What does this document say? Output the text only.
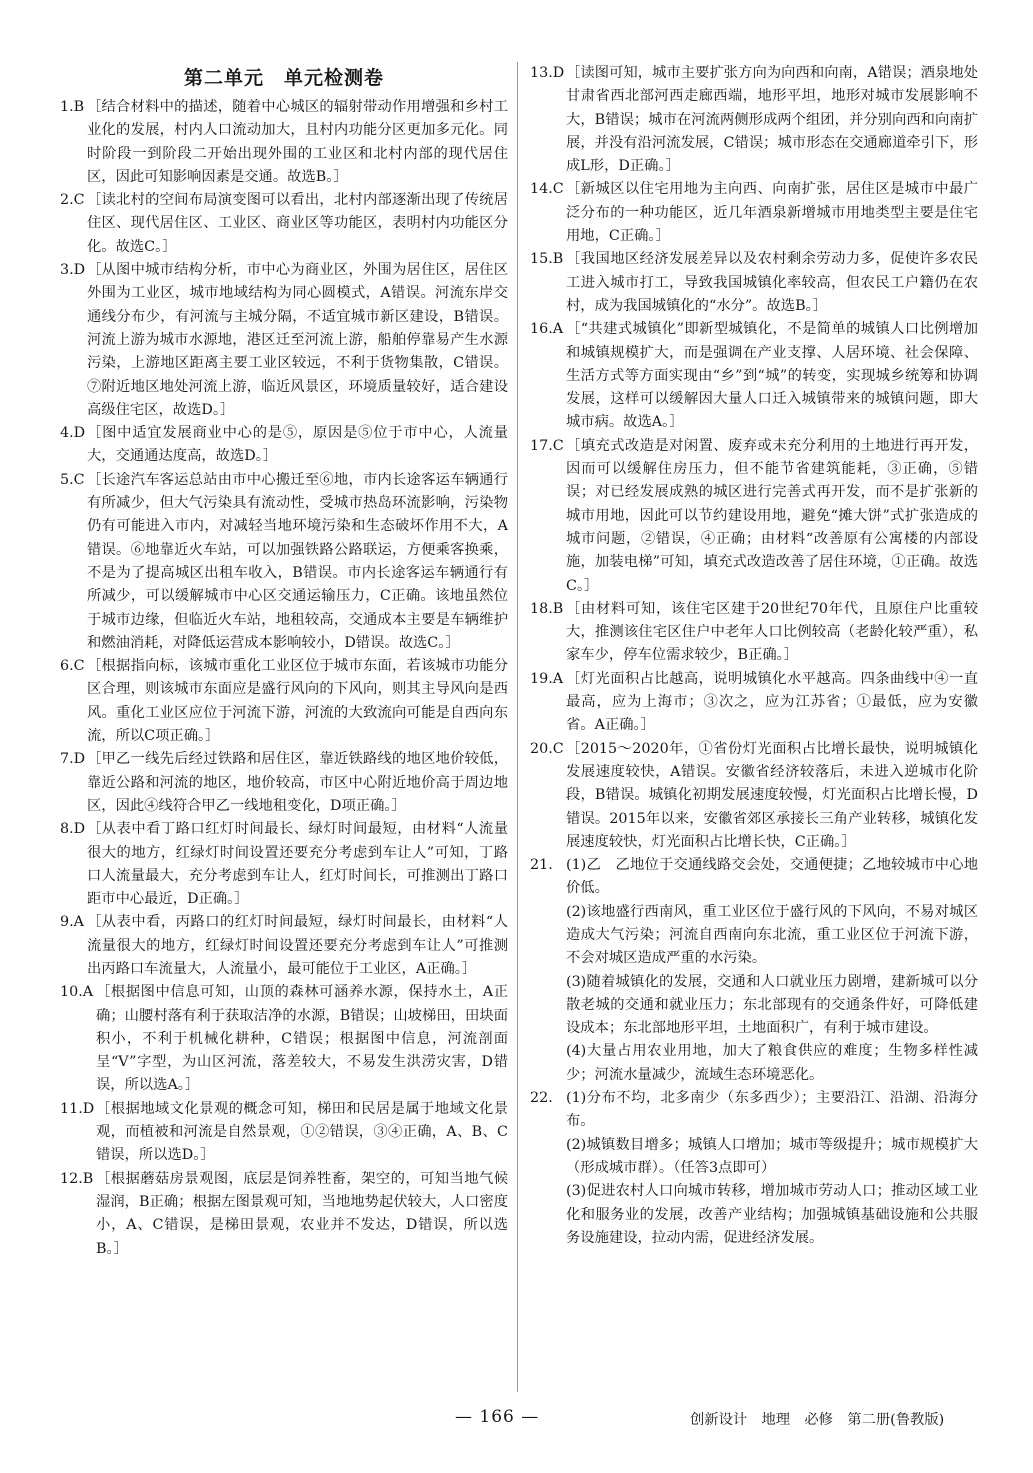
第二单元　单元检测卷
1.B ［结合材料中的描述，随着中心城区的辐射带动作用增强和乡村工业化的发展，村内人口流动加大，且村内功能分区更加多元化。同时阶段一到阶段二开始出现外围的工业区和北村内部的现代居住区，因此可知影响因素是交通。故选B。］
2.C ［读北村的空间布局演变图可以看出，北村内部逐渐出现了传统居住区、现代居住区、工业区、商业区等功能区，表明村内功能区分化。故选C。］
3.D ［从图中城市结构分析，市中心为商业区，外围为居住区，居住区外围为工业区，城市地域结构为同心圆模式，A错误。河流东岸交通线分布少，有河流与主城分隔，不适宜城市新区建设，B错误。河流上游为城市水源地，港区迁至河流上游，船舶停靠易产生水源污染，上游地区距离主要工业区较远，不利于货物集散，C错误。⑦附近地区地处河流上游，临近风景区，环境质量较好，适合建设高级住宅区，故选D。］
4.D ［图中适宜发展商业中心的是⑤，原因是⑤位于市中心，人流量大，交通通达度高，故选D。］
5.C ［长途汽车客运总站由市中心搬迁至⑥地，市内长途客运车辆通行有所减少，但大气污染具有流动性，受城市热岛环流影响，污染物仍有可能进入市内，对减轻当地环境污染和生态破坏作用不大，A错误。⑥地靠近火车站，可以加强铁路公路联运，方便乘客换乘，不是为了提高城区出租车收入，B错误。市内长途客运车辆通行有所减少，可以缓解城市中心区交通运输压力，C正确。该地虽然位于城市边缘，但临近火车站，地租较高，交通成本主要是车辆维护和燃油消耗，对降低运营成本影响较小，D错误。故选C。］
6.C ［根据指向标，该城市重化工业区位于城市东面，若该城市功能分区合理，则该城市东面应是盛行风向的下风向，则其主导风向是西风。重化工业区应位于河流下游，河流的大致流向可能是自西向东流，所以C项正确。］
7.D ［甲乙一线先后经过铁路和居住区，靠近铁路线的地区地价较低，靠近公路和河流的地区，地价较高，市区中心附近地价高于周边地区，因此④线符合甲乙一线地租变化，D项正确。］
8.D ［从表中看丁路口红灯时间最长、绿灯时间最短，由材料“人流量很大的地方，红绿灯时间设置还要充分考虑到车让人”可知，丁路口人流量最大，充分考虑到车让人，红灯时间长，可推测出丁路口距市中心最近，D正确。］
9.A ［从表中看，丙路口的红灯时间最短，绿灯时间最长，由材料“人流量很大的地方，红绿灯时间设置还要充分考虑到车让人”可推测出丙路口车流量大，人流量小，最可能位于工业区，A正确。］
10.A ［根据图中信息可知，山顶的森林可涵养水源，保持水土，A正确；山腰村落有利于获取洁净的水源，B错误；山坡梯田，田块面积小，不利于机械化耕种，C错误；根据图中信息，河流剖面呈“V”字型，为山区河流，落差较大，不易发生洪涝灾害，D错误，所以选A。］
11.D ［根据地域文化景观的概念可知，梯田和民居是属于地域文化景观，而植被和河流是自然景观，①②错误，③④正确，A、B、C错误，所以选D。］
12.B ［根据蘑菇房景观图，底层是饲养牲畜，架空的，可知当地气候湿润，B正确；根据左图景观可知，当地地势起伏较大，人口密度小，A、C错误，是梯田景观，农业并不发达，D错误，所以选B。］
13.D ［读图可知，城市主要扩张方向为向西和向南，A错误；酒泉地处甘肃省西北部河西走廊西端，地形平坦，地形对城市发展影响不大，B错误；城市在河流两侧形成两个组团，并分别向西和向南扩展，并没有沿河流发展，C错误；城市形态在交通廊道牵引下，形成L形，D正确。］
14.C ［新城区以住宅用地为主向西、向南扩张，居住区是城市中最广泛分布的一种功能区，近几年酒泉新增城市用地类型主要是住宅用地，C正确。］
15.B ［我国地区经济发展差异以及农村剩余劳动力多，促使许多农民工进入城市打工，导致我国城镇化率较高，但农民工户籍仍在农村，成为我国城镇化的“水分”。故选B。］
16.A ［“共建式城镇化”即新型城镇化，不是简单的城镇人口比例增加和城镇规模扩大，而是强调在产业支撑、人居环境、社会保障、生活方式等方面实现由“乡”到“城”的转变，实现城乡统筹和协调发展，这样可以缓解因大量人口迁入城镇带来的城镇问题，即大城市病。故选A。］
17.C ［填充式改造是对闲置、废弃或未充分利用的土地进行再开发，因而可以缓解住房压力，但不能节省建筑能耗，③正确，⑤错误；对已经发展成熟的城区进行完善式再开发，而不是扩张新的城市用地，因此可以节约建设用地，避免“摊大饼”式扩张造成的城市问题，②错误，④正确；由材料“改善原有公寓楼的内部设施，加装电梯”可知，填充式改造改善了居住环境，①正确。故选C。］
18.B ［由材料可知，该住宅区建于20世纪70年代，且原住户比重较大，推测该住宅区住户中老年人口比例较高（老龄化较严重），私家车少，停车位需求较少，B正确。］
19.A ［灯光面积占比越高，说明城镇化水平越高。四条曲线中④一直最高，应为上海市；③次之，应为江苏省；①最低，应为安徽省。A正确。］
20.C ［2015～2020年，①省份灯光面积占比增长最快，说明城镇化发展速度较快，A错误。安徽省经济较落后，未进入逆城市化阶段，B错误。城镇化初期发展速度较慢，灯光面积占比增长慢，D错误。2015年以来，安徽省郊区承接长三角产业转移，城镇化发展速度较快，灯光面积占比增长快，C正确。］
21. (1)乙　乙地位于交通线路交会处，交通便捷；乙地较城市中心地价低。
(2)该地盛行西南风，重工业区位于盛行风的下风向，不易对城区造成大气污染；河流自西南向东北流，重工业区位于河流下游，不会对城区造成严重的水污染。
(3)随着城镇化的发展，交通和人口就业压力剧增，建新城可以分散老城的交通和就业压力；东北部现有的交通条件好，可降低建设成本；东北部地形平坦，土地面积广，有利于城市建设。
(4)大量占用农业用地，加大了粮食供应的难度；生物多样性减少；河流水量减少，流域生态环境恶化。
22. (1)分布不均，北多南少（东多西少）；主要沿江、沿湖、沿海分布。
(2)城镇数目增多；城镇人口增加；城市等级提升；城市规模扩大（形成城市群）。（任答3点即可）
(3)促进农村人口向城市转移，增加城市劳动人口；推动区域工业化和服务业的发展，改善产业结构；加强城镇基础设施和公共服务设施建设，拉动内需，促进经济发展。
— 166 —	创新设计　地理　必修　第二册(鲁教版)
